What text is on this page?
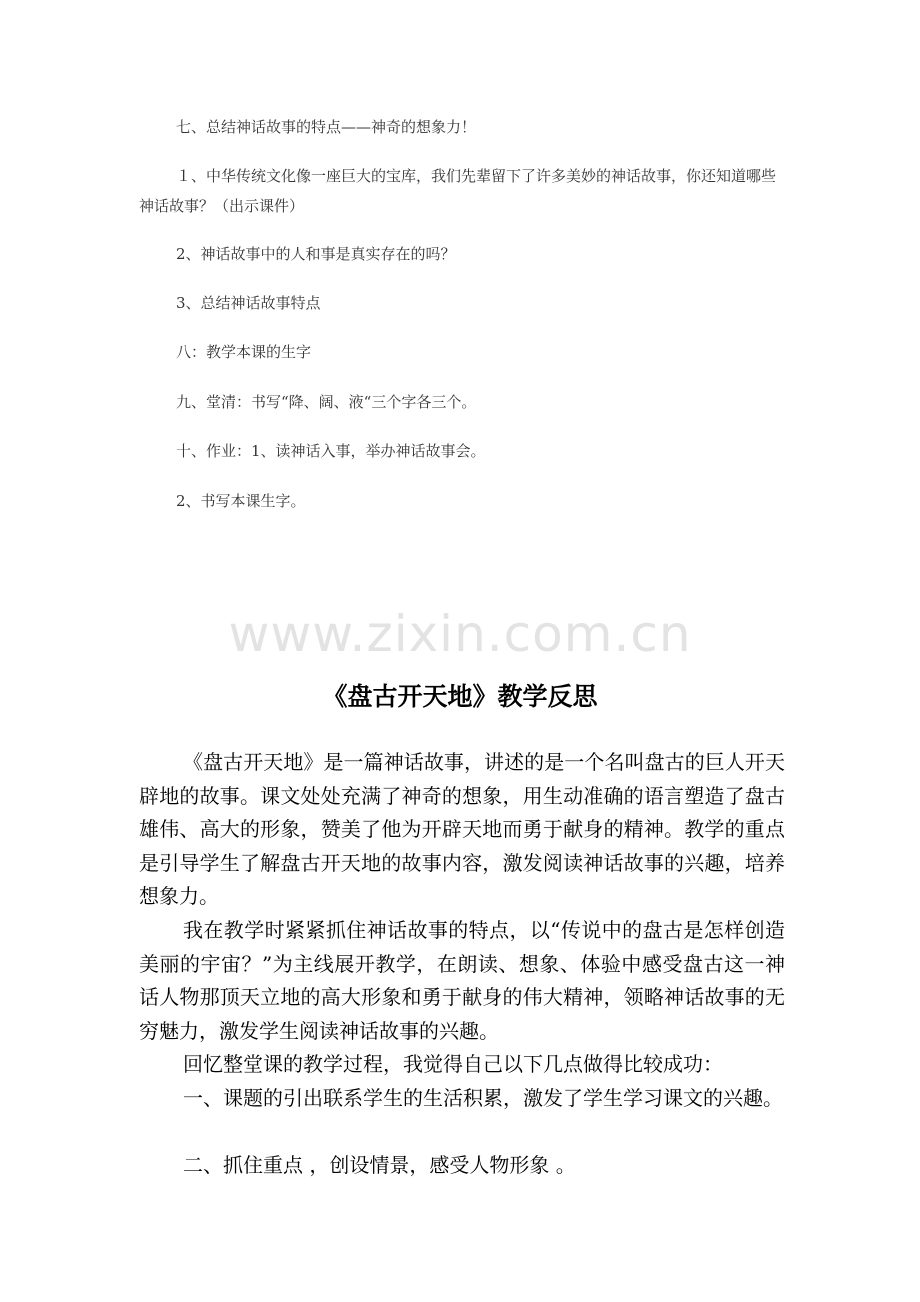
七、总结神话故事的特点——神奇的想象力！

１、中华传统文化像一座巨大的宝库，我们先辈留下了许多美妙的神话故事，你还知道哪些神话故事？（出示课件）

2、神话故事中的人和事是真实存在的吗？

3、总结神话故事特点

八：教学本课的生字

九、堂清：书写“降、阔、液“三个字各三个。

十、作业：1、读神话入事，举办神话故事会。

2、书写本课生字。

www.zixin.com.cn
《盘古开天地》教学反思

《盘古开天地》是一篇神话故事，讲述的是一个名叫盘古的巨人开天辟地的故事。课文处处充满了神奇的想象，用生动准确的语言塑造了盘古雄伟、高大的形象，赞美了他为开辟天地而勇于献身的精神。教学的重点是引导学生了解盘古开天地的故事内容，激发阅读神话故事的兴趣，培养想象力。

我在教学时紧紧抓住神话故事的特点，以“传说中的盘古是怎样创造美丽的宇宙？”为主线展开教学，在朗读、想象、体验中感受盘古这一神话人物那顶天立地的高大形象和勇于献身的伟大精神，领略神话故事的无穷魅力，激发学生阅读神话故事的兴趣。

回忆整堂课的教学过程，我觉得自己以下几点做得比较成功：

一、课题的引出联系学生的生活积累，激发了学生学习课文的兴趣。

二、抓住重点 ，创设情景，感受人物形象 。
